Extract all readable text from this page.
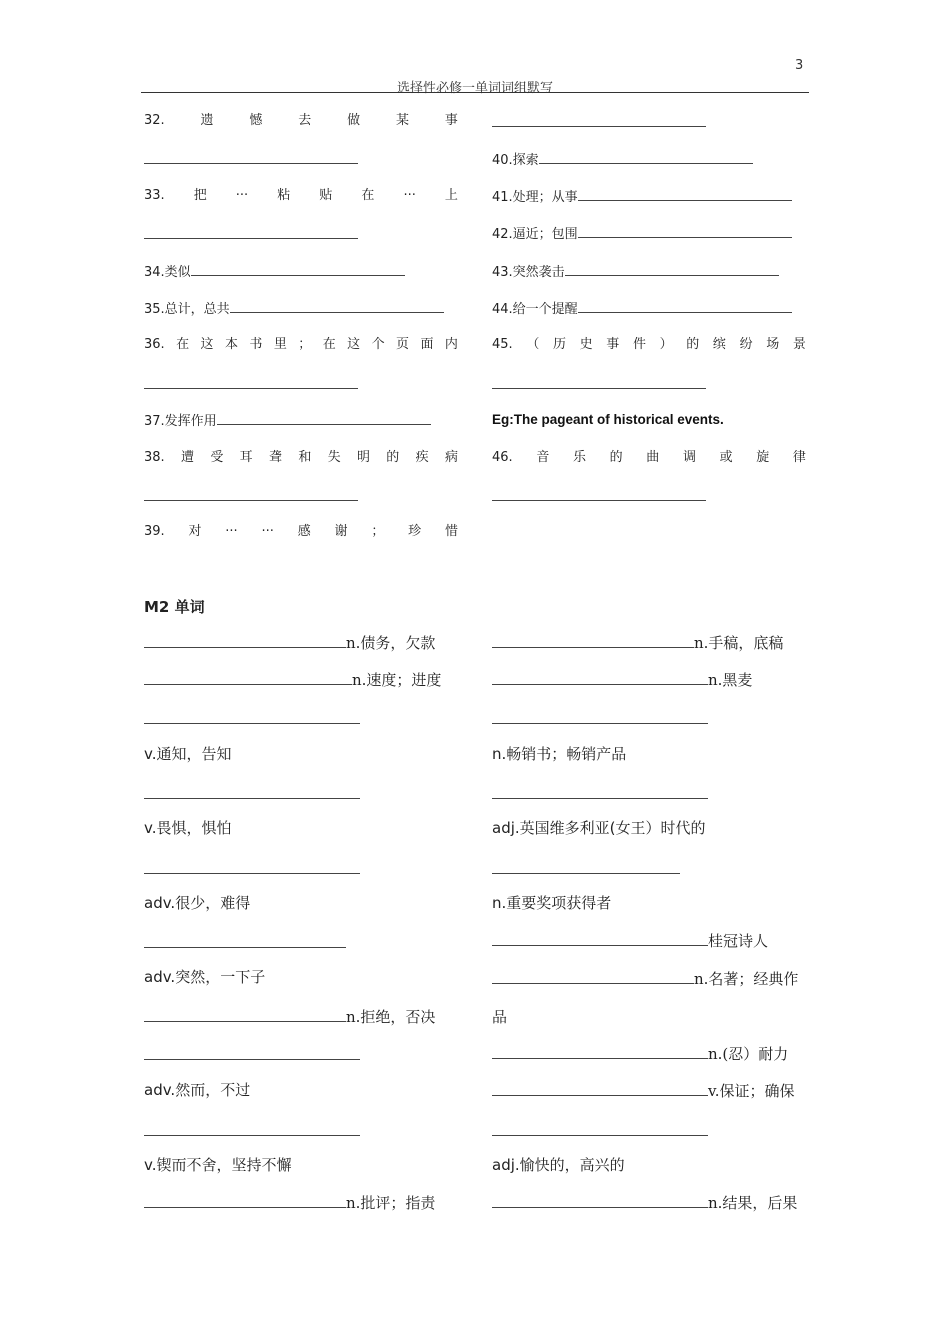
3
选择性必修一单词词组默写
32.	遗	憾	去	做	某	事
33. 把 ··· 粘 贴 在 ··· 上
34.类似
35.总计，总共
36. 在 这 本 书 里 ； 在 这 个 页 面 内
37.发挥作用
38. 遭 受 耳 聋 和 失 明 的 疾 病
39. 对 ··· ··· 感 谢 ； 珍 惜
40.探索
41.处理；从事
42.逼近；包围
43.突然袭击
44.给一个提醒
45. （ 历 史 事 件 ） 的 缤 纷 场 景
Eg:The pageant of historical events.
46. 音 乐 的 曲 调 或 旋 律
M2 单词
n.债务，欠款
n.速度；进度
v.通知，告知
v.畏惧，惧怕
adv.很少，难得
adv.突然，一下子
n.拒绝，否决
adv.然而，不过
v.锲而不舍，坚持不懈
n.批评；指责
n.手稿，底稿
n.黑麦
n.畅销书；畅销产品
adj.英国维多利亚(女王）时代的
n.重要奖项获得者
桂冠诗人
n.名著；经典作
品
n.(忍）耐力
v.保证；确保
adj.愉快的，高兴的
n.结果，后果
